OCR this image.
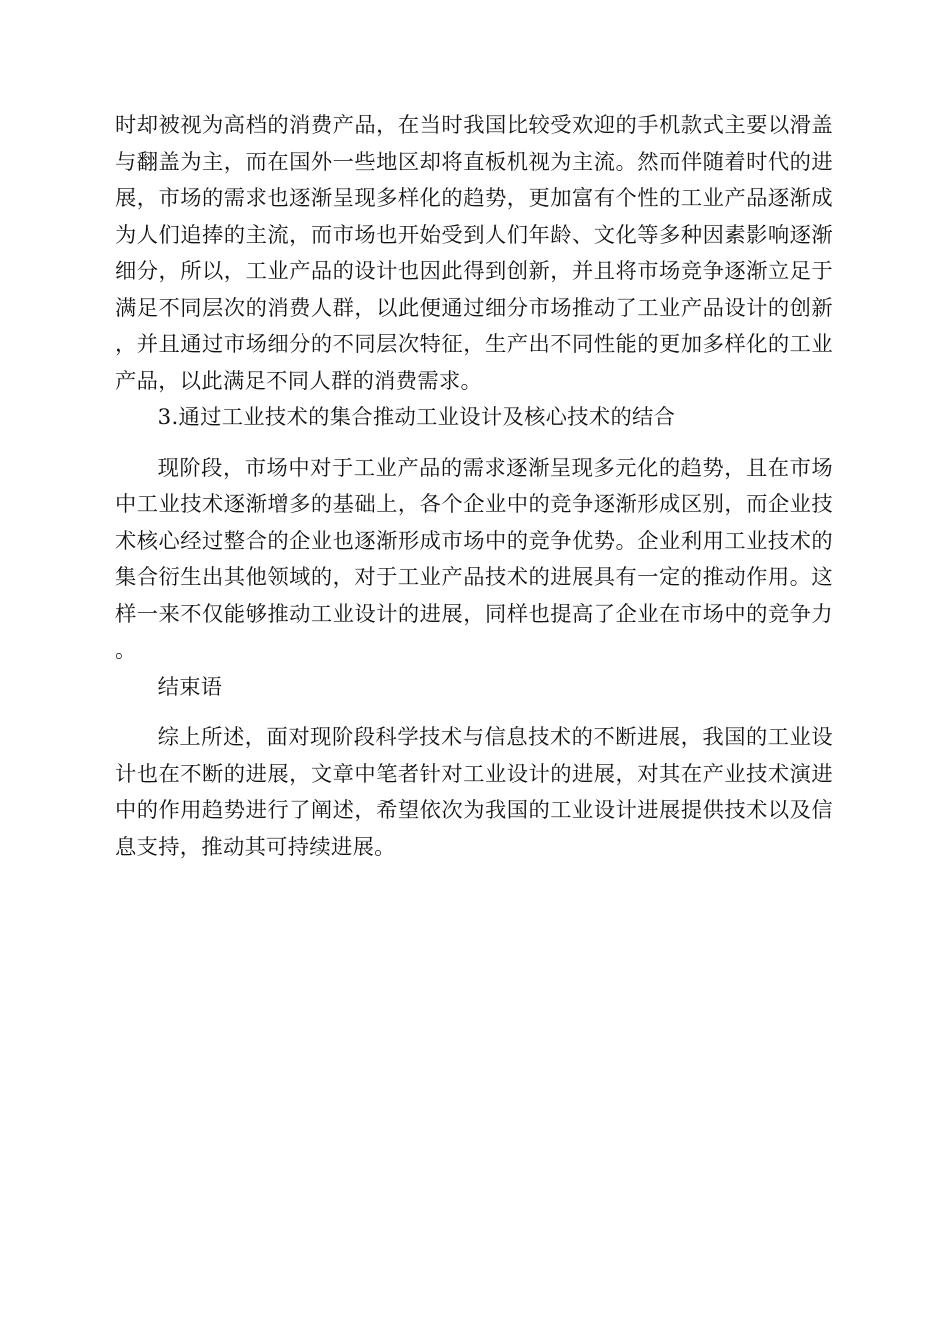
时却被视为高档的消费产品，在当时我国比较受欢迎的手机款式主要以滑盖与翻盖为主，而在国外一些地区却将直板机视为主流。然而伴随着时代的进展，市场的需求也逐渐呈现多样化的趋势，更加富有个性的工业产品逐渐成为人们追捧的主流，而市场也开始受到人们年龄、文化等多种因素影响逐渐细分，所以，工业产品的设计也因此得到创新，并且将市场竞争逐渐立足于满足不同层次的消费人群，以此便通过细分市场推动了工业产品设计的创新，并且通过市场细分的不同层次特征，生产出不同性能的更加多样化的工业产品，以此满足不同人群的消费需求。

3.通过工业技术的集合推动工业设计及核心技术的结合

现阶段，市场中对于工业产品的需求逐渐呈现多元化的趋势，且在市场中工业技术逐渐增多的基础上，各个企业中的竞争逐渐形成区别，而企业技术核心经过整合的企业也逐渐形成市场中的竞争优势。企业利用工业技术的集合衍生出其他领域的，对于工业产品技术的进展具有一定的推动作用。这样一来不仅能够推动工业设计的进展，同样也提高了企业在市场中的竞争力。

结束语

综上所述，面对现阶段科学技术与信息技术的不断进展，我国的工业设计也在不断的进展，文章中笔者针对工业设计的进展，对其在产业技术演进中的作用趋势进行了阐述，希望依次为我国的工业设计进展提供技术以及信息支持，推动其可持续进展。
